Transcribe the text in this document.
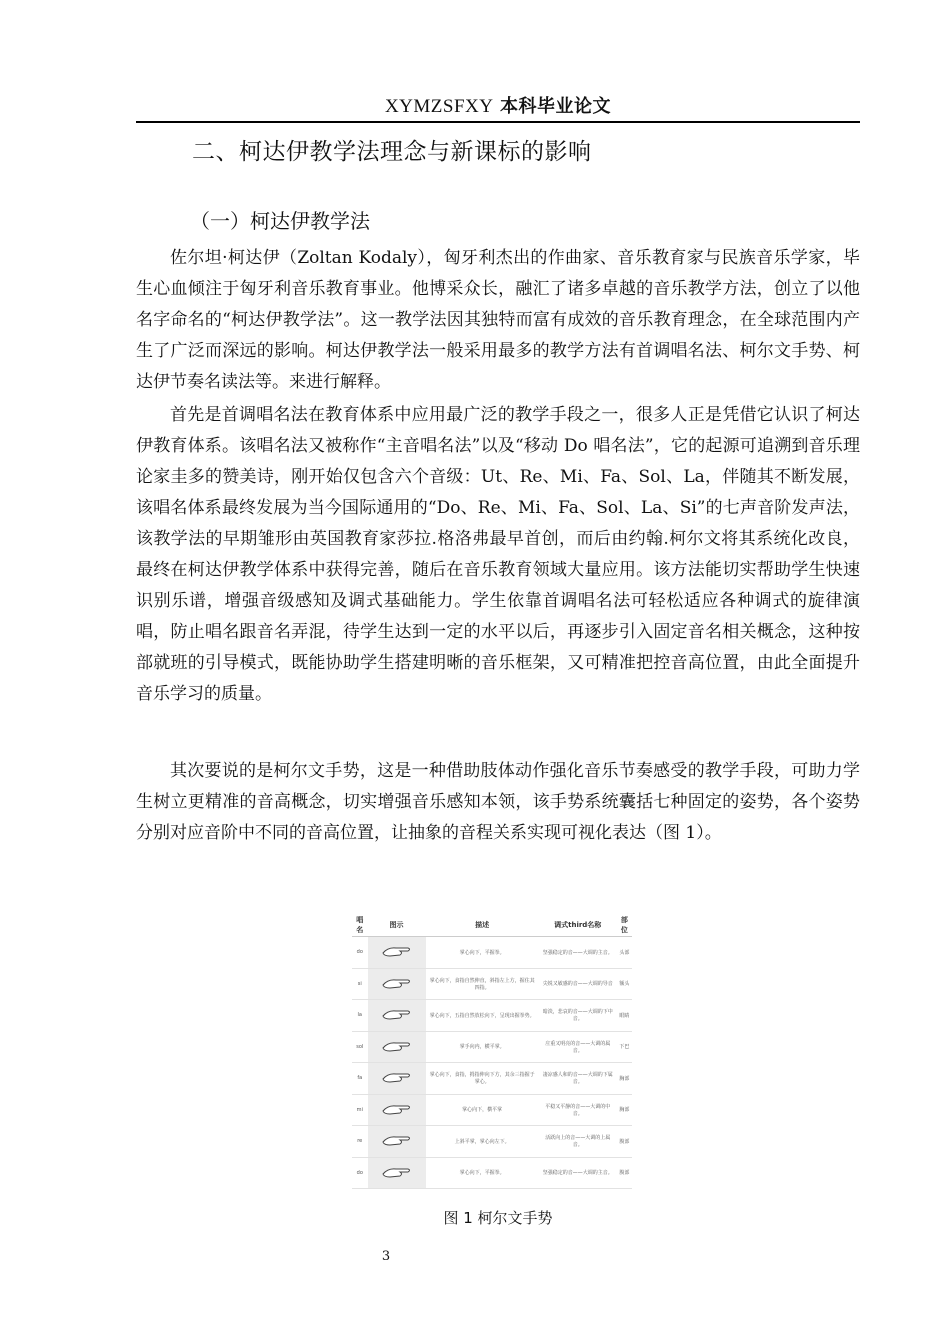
XYMZSFXY 本科毕业论文
二、柯达伊教学法理念与新课标的影响
（一）柯达伊教学法
佐尔坦·柯达伊（Zoltan Kodaly），匈牙利杰出的作曲家、音乐教育家与民族音乐学家，毕生心血倾注于匈牙利音乐教育事业。他博采众长，融汇了诸多卓越的音乐教学方法，创立了以他名字命名的“柯达伊教学法”。这一教学法因其独特而富有成效的音乐教育理念，在全球范围内产生了广泛而深远的影响。柯达伊教学法一般采用最多的教学方法有首调唱名法、柯尔文手势、柯达伊节奏名读法等。来进行解释。
首先是首调唱名法在教育体系中应用最广泛的教学手段之一，很多人正是凭借它认识了柯达伊教育体系。该唱名法又被称作“主音唱名法”以及“移动 Do 唱名法”，它的起源可追溯到音乐理论家圭多的赞美诗，刚开始仅包含六个音级：Ut、Re、Mi、Fa、Sol、La，伴随其不断发展，该唱名体系最终发展为当今国际通用的“Do、Re、Mi、Fa、Sol、La、Si”的七声音阶发声法，该教学法的早期雏形由英国教育家莎拉.格洛弗最早首创，而后由约翰.柯尔文将其系统化改良，最终在柯达伊教学体系中获得完善，随后在音乐教育领域大量应用。该方法能切实帮助学生快速识别乐谱，增强音级感知及调式基础能力。学生依靠首调唱名法可轻松适应各种调式的旋律演唱，防止唱名跟音名弄混，待学生达到一定的水平以后，再逐步引入固定音名相关概念，这种按部就班的引导模式，既能协助学生搭建明晰的音乐框架，又可精准把控音高位置，由此全面提升音乐学习的质量。
其次要说的是柯尔文手势，这是一种借助肢体动作强化音乐节奏感受的教学手段，可助力学生树立更精准的音高概念，切实增强音乐感知本领，该手势系统囊括七种固定的姿势，各个姿势分别对应音阶中不同的音高位置，让抽象的音程关系实现可视化表达（图 1）。
唱名	图示	描述	调式third名称	部位
do		掌心向下，平握拳。	坚强稳定的音——大调的主音。	头部
si		掌心向下，食指自然伸直，斜指左上方，握住其四指。	尖锐又敏感的音——大调的导音	额头
la		掌心向下，五指自然放松向下，呈现出握拳势。	暗淡，悲哀的音——大调的下中音。	眼睛
sol		掌手向内，横平掌。	庄重又明亮的音——大调的属音。	下巴
fa		掌心向下，食指，拇指伸向下方，其余三指握于掌心。	凄凉感人和的音——大调的下属音。	胸部
mi		掌心向下，横平掌	平稳又平静的音——大调的中音。	胸部
re		上斜平掌，掌心向左下。	活跃向上的音——大调的上属音。	腹部
do		掌心向下，平握拳。	坚强稳定的音——大调的主音。	腹部
图 1 柯尔文手势
3
